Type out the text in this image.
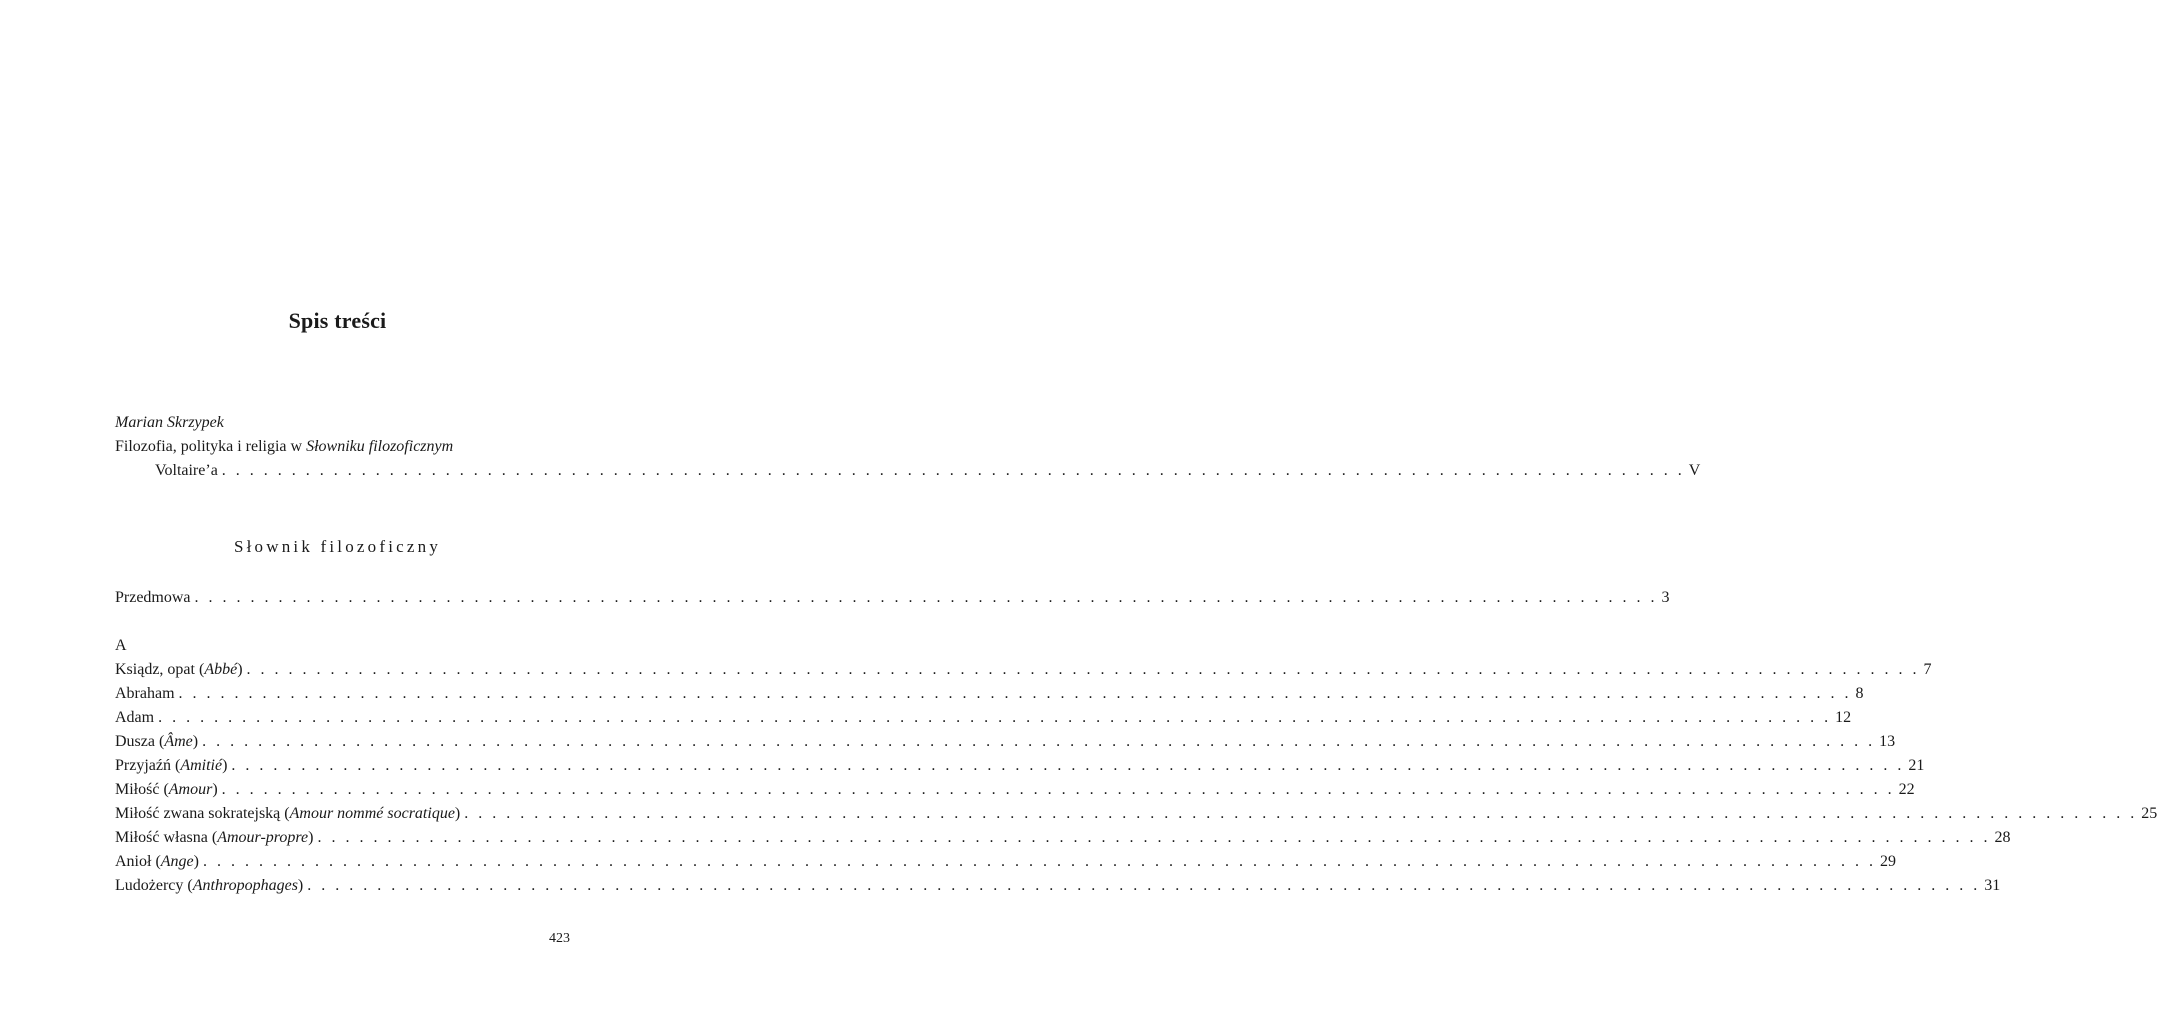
Spis treści
Marian Skrzypek
Filozofia, polityka i religia w Słowniku filozoficznym
Voltaire’a . . . . . . . . . . . . . . . . . . . . . . . . . . . . . . . . . . . . . . . . . . . . . . . . . . . . . . . . . . . . . . . . . . . . . . . . . . . . . . . . . . . . . . . . . . . . . . . . . . . . . . . . . V
Słownik filozoficzny
Przedmowa . . . . . . . . . . . . . . . . . . . . . . . . . . . . . . . . . . . . . . . . . . . . . . . . . . . . . . . . . . . . . . . . . . . . . . . . . . . . . . . . . . . . . . . . . . . . . . . . . . . . . . . . . 3
A
Ksiądz, opat (Abbé) . . . . . . . . . . . . . . . . . . . . . . . . . . . . . . . . . . . . . . . . . . . . . . . . . . . . . . . . . . . . . . . . . . . . . . . . . . . . . . . . . . . . . . . . . . . . . . . . . . . . . . . . . . . . . . . . . . . . . . . . 7
Abraham . . . . . . . . . . . . . . . . . . . . . . . . . . . . . . . . . . . . . . . . . . . . . . . . . . . . . . . . . . . . . . . . . . . . . . . . . . . . . . . . . . . . . . . . . . . . . . . . . . . . . . . . . . . . . . . . . . . . . . . . 8
Adam . . . . . . . . . . . . . . . . . . . . . . . . . . . . . . . . . . . . . . . . . . . . . . . . . . . . . . . . . . . . . . . . . . . . . . . . . . . . . . . . . . . . . . . . . . . . . . . . . . . . . . . . . . . . . . . . . . . . . . . . 12
Dusza (Âme) . . . . . . . . . . . . . . . . . . . . . . . . . . . . . . . . . . . . . . . . . . . . . . . . . . . . . . . . . . . . . . . . . . . . . . . . . . . . . . . . . . . . . . . . . . . . . . . . . . . . . . . . . . . . . . . . . . . . . . . . 13
Przyjaźń (Amitié) . . . . . . . . . . . . . . . . . . . . . . . . . . . . . . . . . . . . . . . . . . . . . . . . . . . . . . . . . . . . . . . . . . . . . . . . . . . . . . . . . . . . . . . . . . . . . . . . . . . . . . . . . . . . . . . . . . . . . . . . 21
Miłość (Amour) . . . . . . . . . . . . . . . . . . . . . . . . . . . . . . . . . . . . . . . . . . . . . . . . . . . . . . . . . . . . . . . . . . . . . . . . . . . . . . . . . . . . . . . . . . . . . . . . . . . . . . . . . . . . . . . . . . . . . . . . 22
Miłość zwana sokratejską (Amour nommé socratique) . . . . . . . . . . . . . . . . . . . . . . . . . . . . . . . . . . . . . . . . . . . . . . . . . . . . . . . . . . . . . . . . . . . . . . . . . . . . . . . . . . . . . . . . . . . . . . . . . . . . . . . . . . . . . . . . . . . . . . . . 25
Miłość własna (Amour-propre) . . . . . . . . . . . . . . . . . . . . . . . . . . . . . . . . . . . . . . . . . . . . . . . . . . . . . . . . . . . . . . . . . . . . . . . . . . . . . . . . . . . . . . . . . . . . . . . . . . . . . . . . . . . . . . . . . . . . . . . . 28
Anioł (Ange) . . . . . . . . . . . . . . . . . . . . . . . . . . . . . . . . . . . . . . . . . . . . . . . . . . . . . . . . . . . . . . . . . . . . . . . . . . . . . . . . . . . . . . . . . . . . . . . . . . . . . . . . . . . . . . . . . . . . . . . . 29
Ludożercy (Anthropophages) . . . . . . . . . . . . . . . . . . . . . . . . . . . . . . . . . . . . . . . . . . . . . . . . . . . . . . . . . . . . . . . . . . . . . . . . . . . . . . . . . . . . . . . . . . . . . . . . . . . . . . . . . . . . . . . . . . . . . . . . 31
423
